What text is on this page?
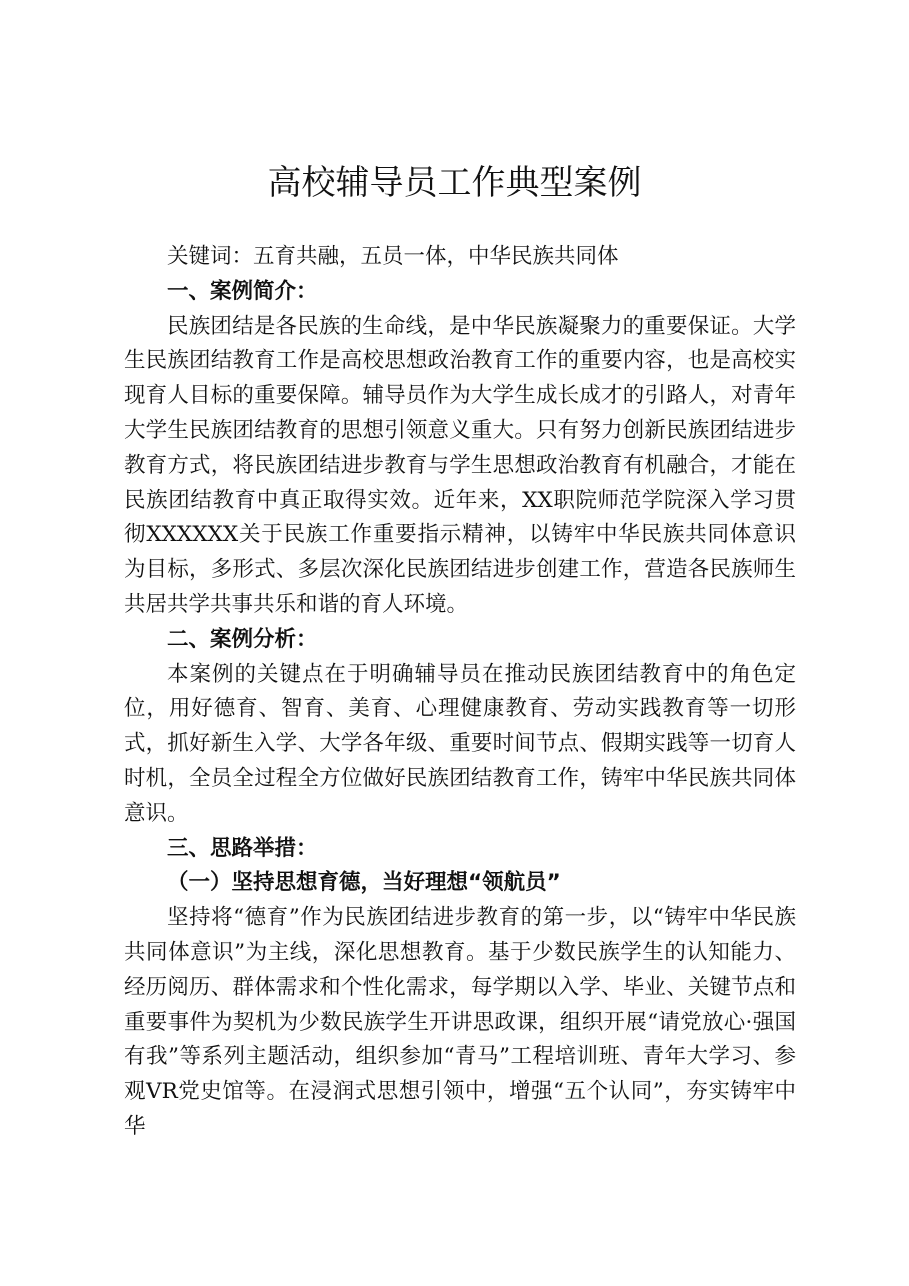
高校辅导员工作典型案例

关键词：五育共融，五员一体，中华民族共同体

一、案例简介：

民族团结是各民族的生命线，是中华民族凝聚力的重要保证。大学生民族团结教育工作是高校思想政治教育工作的重要内容，也是高校实现育人目标的重要保障。辅导员作为大学生成长成才的引路人，对青年大学生民族团结教育的思想引领意义重大。只有努力创新民族团结进步教育方式，将民族团结进步教育与学生思想政治教育有机融合，才能在民族团结教育中真正取得实效。近年来，XX职院师范学院深入学习贯彻XXXXXX关于民族工作重要指示精神，以铸牢中华民族共同体意识为目标，多形式、多层次深化民族团结进步创建工作，营造各民族师生共居共学共事共乐和谐的育人环境。

二、案例分析：

本案例的关键点在于明确辅导员在推动民族团结教育中的角色定位，用好德育、智育、美育、心理健康教育、劳动实践教育等一切形式，抓好新生入学、大学各年级、重要时间节点、假期实践等一切育人时机，全员全过程全方位做好民族团结教育工作，铸牢中华民族共同体意识。

三、思路举措：
（一）坚持思想育德，当好理想“领航员”

坚持将“德育”作为民族团结进步教育的第一步，以“铸牢中华民族共同体意识”为主线，深化思想教育。基于少数民族学生的认知能力、经历阅历、群体需求和个性化需求，每学期以入学、毕业、关键节点和重要事件为契机为少数民族学生开讲思政课，组织开展“请党放心·强国有我”等系列主题活动，组织参加“青马”工程培训班、青年大学习、参观VR党史馆等。在浸润式思想引领中，增强“五个认同”，夯实铸牢中华
